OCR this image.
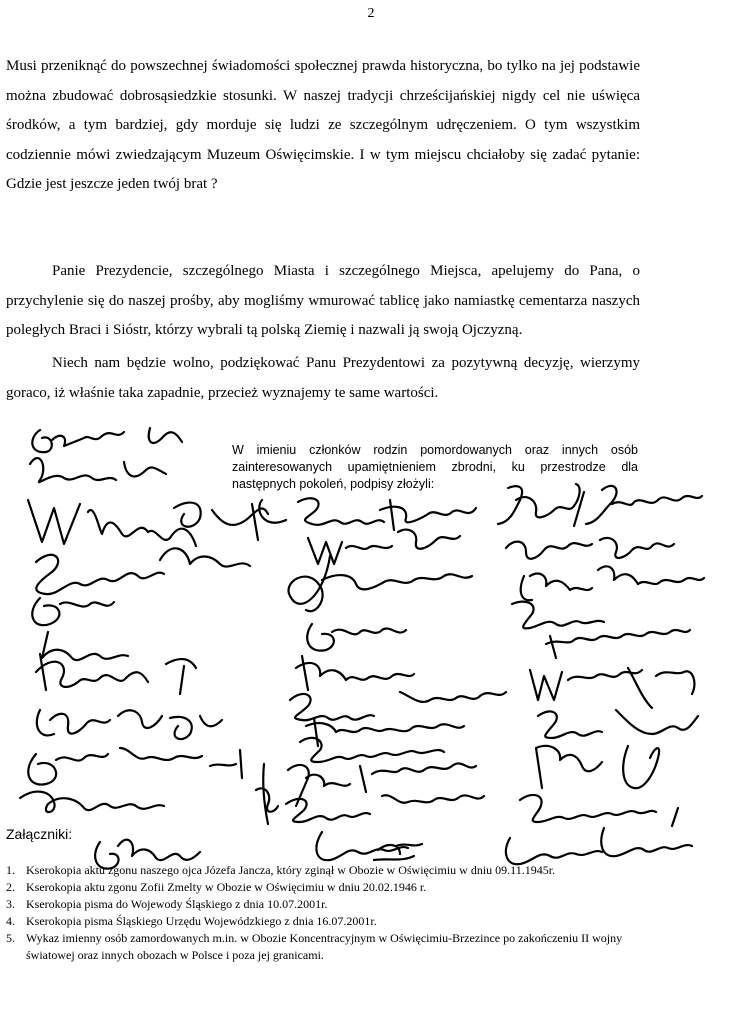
2

Musi przeniknąć do powszechnej świadomości społecznej prawda historyczna, bo tylko na jej podstawie można zbudować dobrosąsiedzkie stosunki. W naszej tradycji chrześcijańskiej nigdy cel nie uświęca środków, a tym bardziej, gdy morduje się ludzi ze szczególnym udręczeniem. O tym wszystkim codziennie mówi zwiedzającym Muzeum Oświęcimskie. I w tym miejscu chciałoby się zadać pytanie: Gdzie jest jeszcze jeden twój brat ?

Panie Prezydencie, szczególnego Miasta i szczególnego Miejsca, apelujemy do Pana, o przychylenie się do naszej prośby, aby mogliśmy wmurować tablicę jako namiastkę cementarza naszych poległych Braci i Sióstr, którzy wybrali tą polską Ziemię i nazwali ją swoją Ojczyzną.

Niech nam będzie wolno, podziękować Panu Prezydentowi za pozytywną decyzję, wierzymy goraco, iż właśnie taka zapadnie, przecież wyznajemy te same wartości.

W imieniu członków rodzin pomordowanych oraz innych osób zainteresowanych upamiętnieniem zbrodni, ku przestrodze dla następnych pokoleń, podpisy złożyli:

Załączniki:
1. Kserokopia aktu zgonu naszego ojca Józefa Jancza, który zginął w Obozie w Oświęcimiu w dniu 09.11.1945r.
2. Kserokopia aktu zgonu Zofii Zmelty w Obozie w Oświęcimiu w dniu 20.02.1946 r.
3. Kserokopia pisma do Wojewody Śląskiego z dnia 10.07.2001r.
4. Kserokopia pisma Śląskiego Urzędu Wojewódzkiego z dnia 16.07.2001r.
5. Wykaz imienny osób zamordowanych m.in. w Obozie Koncentracyjnym w Oświęcimiu-Brzezince po zakończeniu II wojny światowej oraz innych obozach w Polsce i poza jej granicami.
